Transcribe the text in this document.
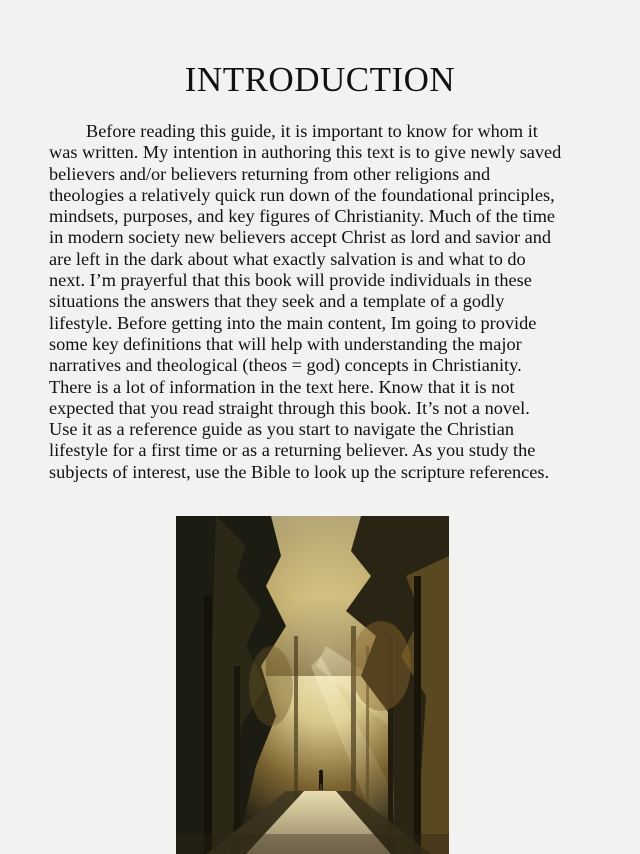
INTRODUCTION
Before reading this guide, it is important to know for whom it
was written. My intention in authoring this text is to give newly saved
believers and/or believers returning from other religions and
theologies a relatively quick run down of the foundational principles,
mindsets, purposes, and key figures of Christianity. Much of the time
in modern society new believers accept Christ as lord and savior and
are left in the dark about what exactly salvation is and what to do
next. I’m prayerful that this book will provide individuals in these
situations the answers that they seek and a template of a godly
lifestyle. Before getting into the main content, Im going to provide
some key definitions that will help with understanding the major
narratives and theological (theos = god) concepts in Christianity.
There is a lot of information in the text here. Know that it is not
expected that you read straight through this book. It’s not a novel.
Use it as a reference guide as you start to navigate the Christian
lifestyle for a first time or as a returning believer. As you study the
subjects of interest, use the Bible to look up the scripture references.
